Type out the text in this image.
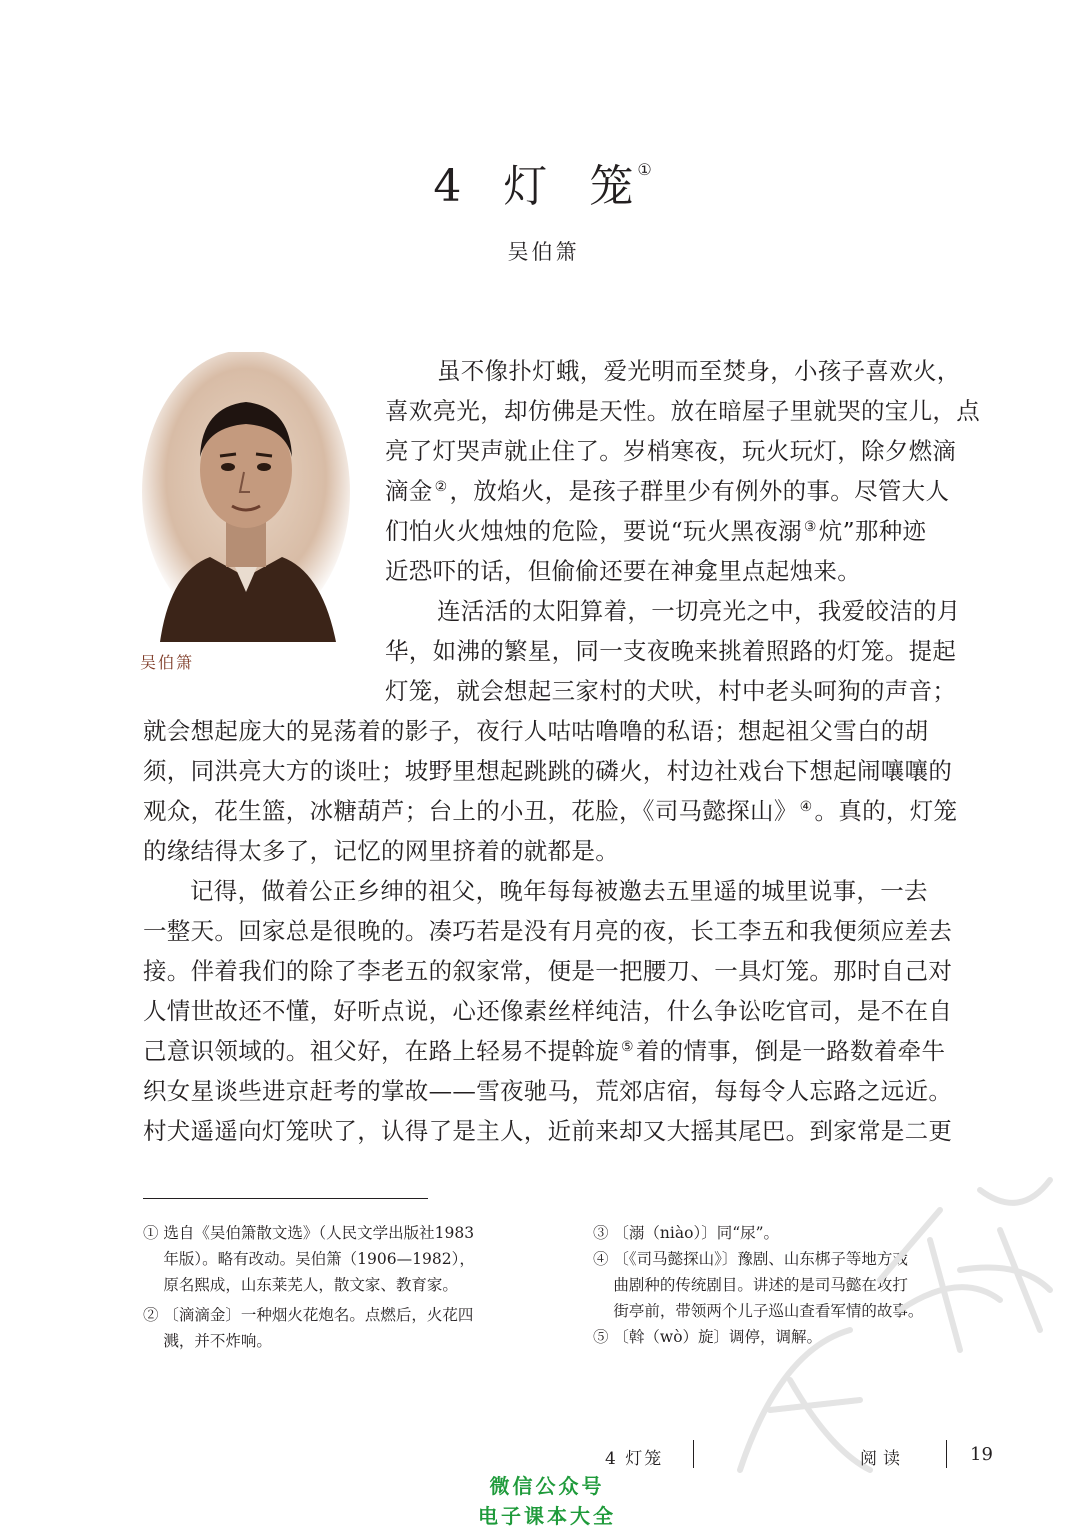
4 灯 笼 ①
吴伯箫
吴伯箫
虽不像扑灯蛾，爱光明而至焚身，小孩子喜欢火，
喜欢亮光，却仿佛是天性。放在暗屋子里就哭的宝儿，点
亮了灯哭声就止住了。岁梢寒夜，玩火玩灯，除夕燃滴
滴金 ②，放焰火，是孩子群里少有例外的事。尽管大人
们怕火火烛烛的危险，要说“玩火黑夜溺 ③炕”那种迹
近恐吓的话，但偷偷还要在神龛里点起烛来。
连活活的太阳算着，一切亮光之中，我爱皎洁的月
华，如沸的繁星，同一支夜晚来挑着照路的灯笼。提起
灯笼，就会想起三家村的犬吠，村中老头呵狗的声音；
就会想起庞大的晃荡着的影子，夜行人咕咕噜噜的私语；想起祖父雪白的胡
须，同洪亮大方的谈吐；坡野里想起跳跳的磷火，村边社戏台下想起闹嚷嚷的
观众，花生篮，冰糖葫芦；台上的小丑，花脸，《司马懿探山》 ④。真的，灯笼
的缘结得太多了，记忆的网里挤着的就都是。
记得，做着公正乡绅的祖父，晚年每每被邀去五里遥的城里说事，一去
一整天。回家总是很晚的。凑巧若是没有月亮的夜，长工李五和我便须应差去
接。伴着我们的除了李老五的叙家常，便是一把腰刀、一具灯笼。那时自己对
人情世故还不懂，好听点说，心还像素丝样纯洁，什么争讼吃官司，是不在自
己意识领域的。祖父好，在路上轻易不提斡旋 ⑤着的情事，倒是一路数着牵牛
织女星谈些进京赶考的掌故——雪夜驰马，荒郊店宿，每每令人忘路之远近。
村犬遥遥向灯笼吠了，认得了是主人，近前来却又大摇其尾巴。到家常是二更
① 选自《吴伯箫散文选》（人民文学出版社1983
　 年版）。略有改动。吴伯箫（1906—1982），
　 原名熙成，山东莱芜人，散文家、教育家。
② 〔滴滴金〕一种烟火花炮名。点燃后，火花四
　 溅，并不炸响。
③ 〔溺（niào）〕同“尿”。
④ 〔《司马懿探山》〕豫剧、山东梆子等地方戏
　 曲剧种的传统剧目。讲述的是司马懿在攻打
　 街亭前，带领两个儿子巡山查看军情的故事。
⑤ 〔斡（wò）旋〕调停，调解。
4 灯笼	阅读	19
微信公众号
电子课本大全
